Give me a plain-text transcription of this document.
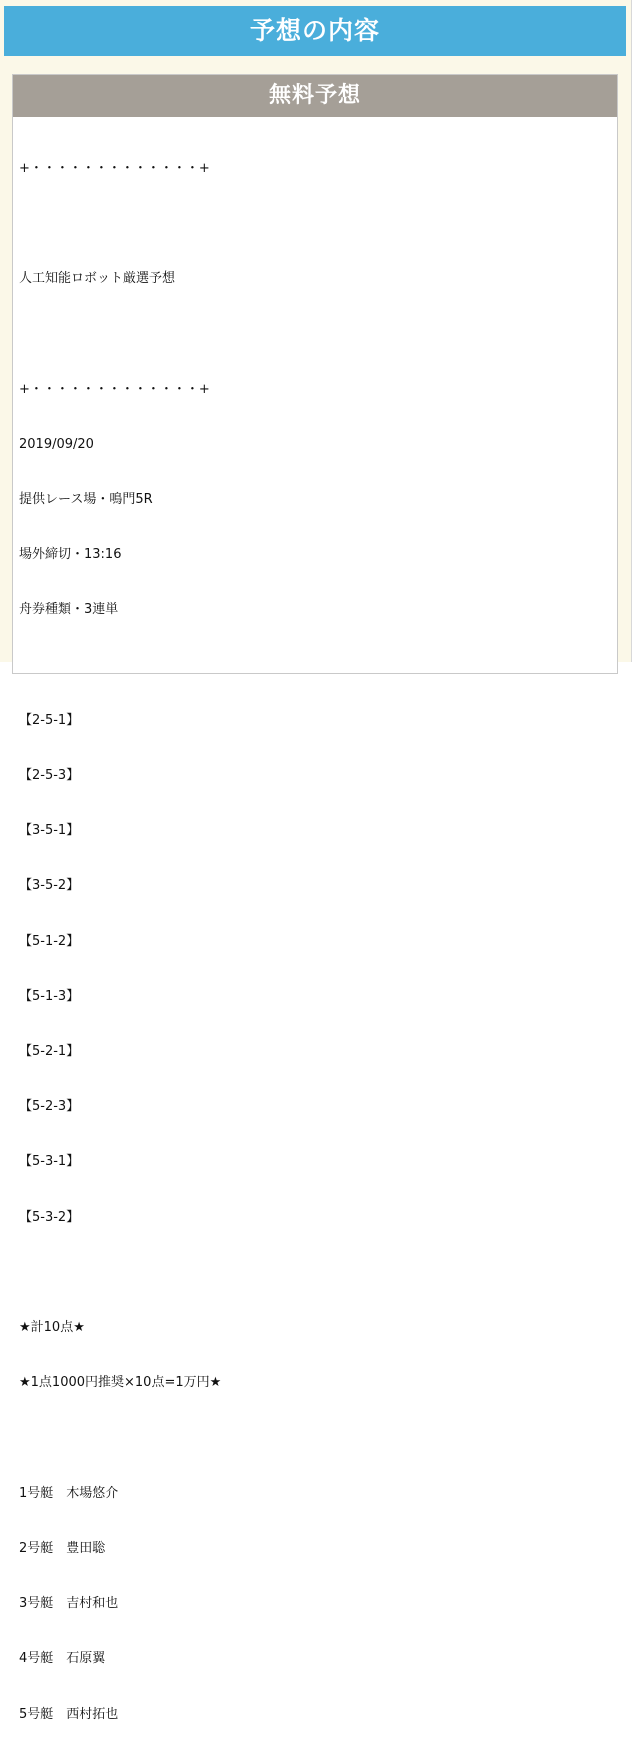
予想の内容
無料予想

+・・・・・・・・・・・・・+

人工知能ロボット厳選予想

+・・・・・・・・・・・・・+

2019/09/20

提供レース場・鳴門5R

場外締切・13:16

舟券種類・3連単

【2-5-1】

【2-5-3】

【3-5-1】

【3-5-2】

【5-1-2】

【5-1-3】

【5-2-1】

【5-2-3】

【5-3-1】

【5-3-2】

★計10点★

★1点1000円推奨×10点=1万円★

1号艇　木場悠介

2号艇　豊田聡

3号艇　吉村和也

4号艇　石原翼

5号艇　西村拓也
